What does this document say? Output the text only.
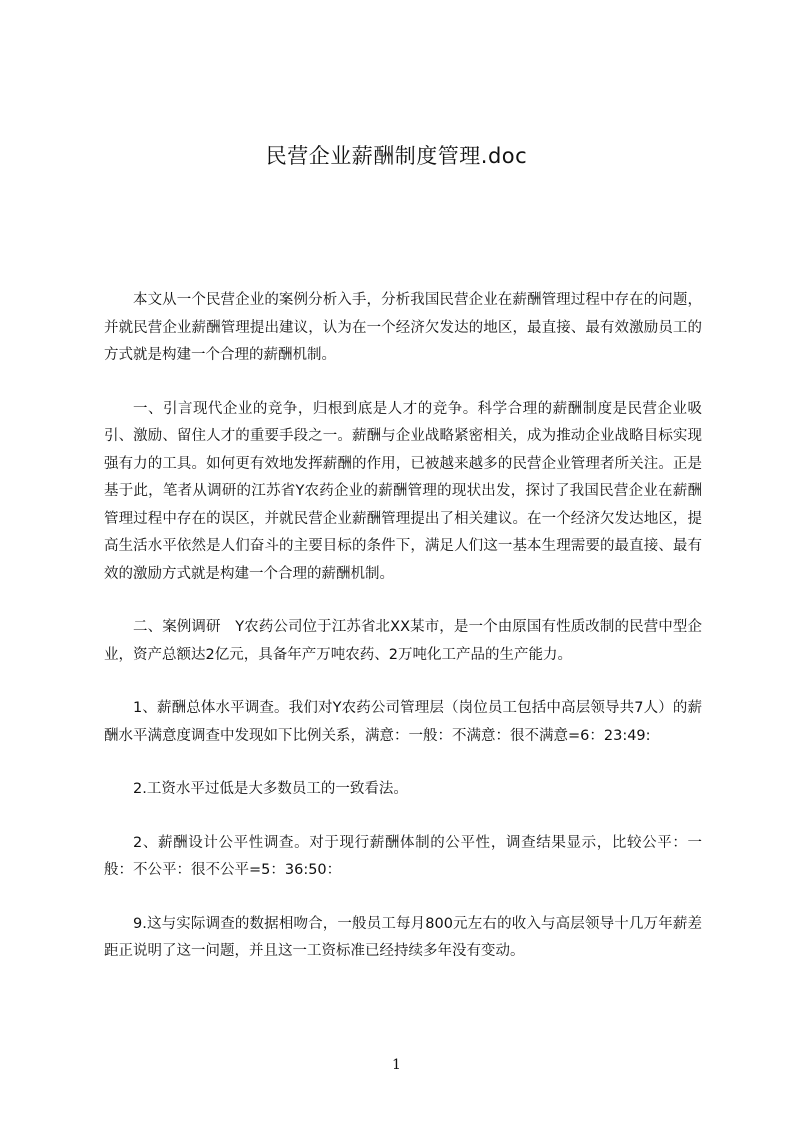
民营企业薪酬制度管理.doc

本文从一个民营企业的案例分析入手，分析我国民营企业在薪酬管理过程中存在的问题，并就民营企业薪酬管理提出建议，认为在一个经济欠发达的地区，最直接、最有效激励员工的方式就是构建一个合理的薪酬机制。

一、引言现代企业的竞争，归根到底是人才的竞争。科学合理的薪酬制度是民营企业吸引、激励、留住人才的重要手段之一。薪酬与企业战略紧密相关，成为推动企业战略目标实现强有力的工具。如何更有效地发挥薪酬的作用，已被越来越多的民营企业管理者所关注。正是基于此，笔者从调研的江苏省Y农药企业的薪酬管理的现状出发，探讨了我国民营企业在薪酬管理过程中存在的误区，并就民营企业薪酬管理提出了相关建议。在一个经济欠发达地区，提高生活水平依然是人们奋斗的主要目标的条件下，满足人们这一基本生理需要的最直接、最有效的激励方式就是构建一个合理的薪酬机制。

二、案例调研　Y农药公司位于江苏省北XX某市，是一个由原国有性质改制的民营中型企业，资产总额达2亿元，具备年产万吨农药、2万吨化工产品的生产能力。

1、薪酬总体水平调查。我们对Y农药公司管理层（岗位员工包括中高层领导共7人）的薪酬水平满意度调查中发现如下比例关系，满意：一般：不满意：很不满意=6：23:49:

2.工资水平过低是大多数员工的一致看法。

2、薪酬设计公平性调查。对于现行薪酬体制的公平性，调查结果显示，比较公平：一般：不公平：很不公平=5：36:50：

9.这与实际调查的数据相吻合，一般员工每月800元左右的收入与高层领导十几万年薪差距正说明了这一问题，并且这一工资标准已经持续多年没有变动。

1
